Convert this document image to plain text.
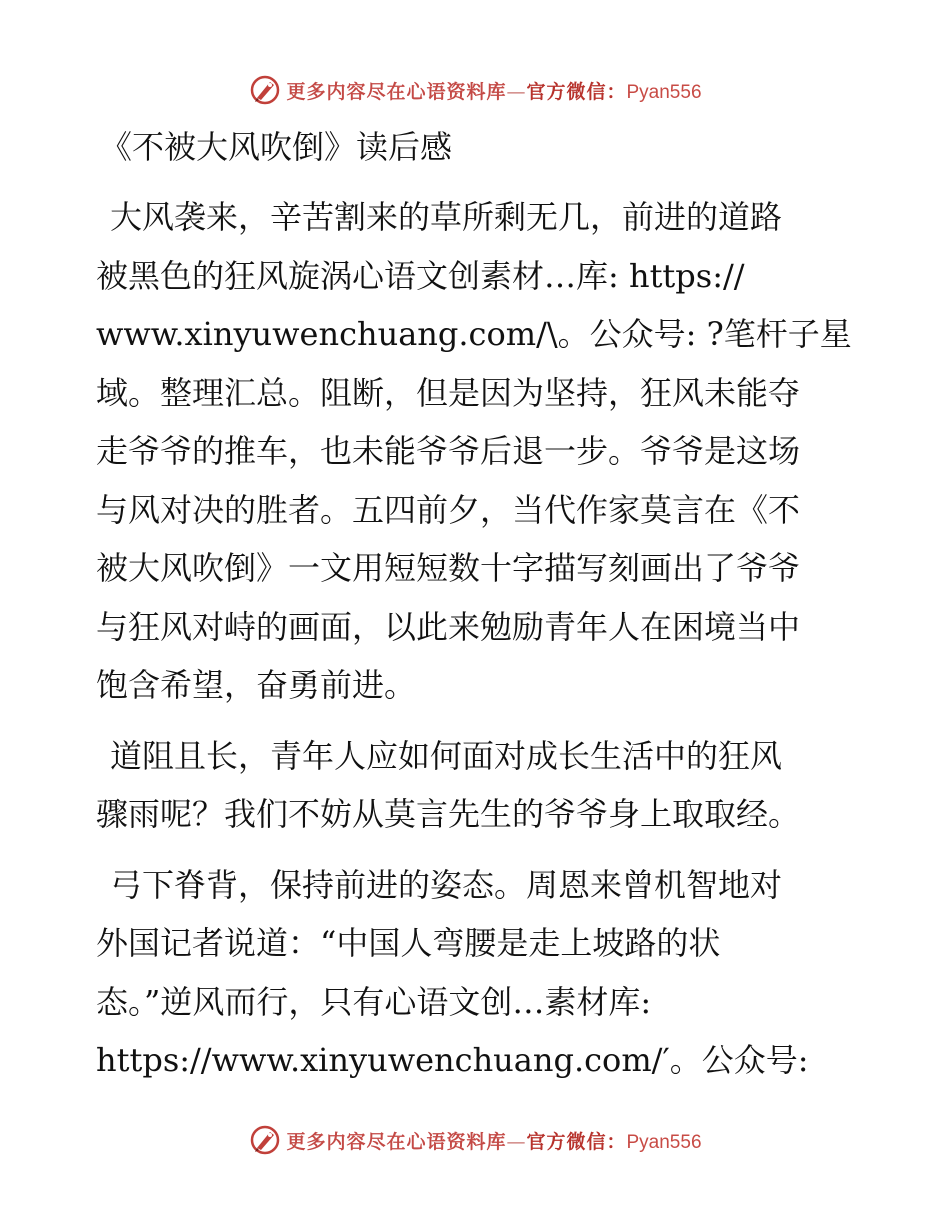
更多内容尽在心语资料库—官方微信：Pyan556
《不被大风吹倒》读后感
大风袭来，辛苦割来的草所剩无几，前进的道路
被黑色的狂风旋涡心语文创素材…库: https://
www.xinyuwenchuang.com/\。公众号: ?笔杆子星
域。整理汇总。阻断，但是因为坚持，狂风未能夺
走爷爷的推车，也未能爷爷后退一步。爷爷是这场
与风对决的胜者。五四前夕，当代作家莫言在《不
被大风吹倒》一文用短短数十字描写刻画出了爷爷
与狂风对峙的画面，以此来勉励青年人在困境当中
饱含希望，奋勇前进。
道阻且长，青年人应如何面对成长生活中的狂风
骤雨呢？我们不妨从莫言先生的爷爷身上取取经。
弓下脊背，保持前进的姿态。周恩来曾机智地对
外国记者说道：“中国人弯腰是走上坡路的状
态。”逆风而行，只有心语文创…素材库:
https://www.xinyuwenchuang.com/′。公众号:
更多内容尽在心语资料库—官方微信：Pyan556
